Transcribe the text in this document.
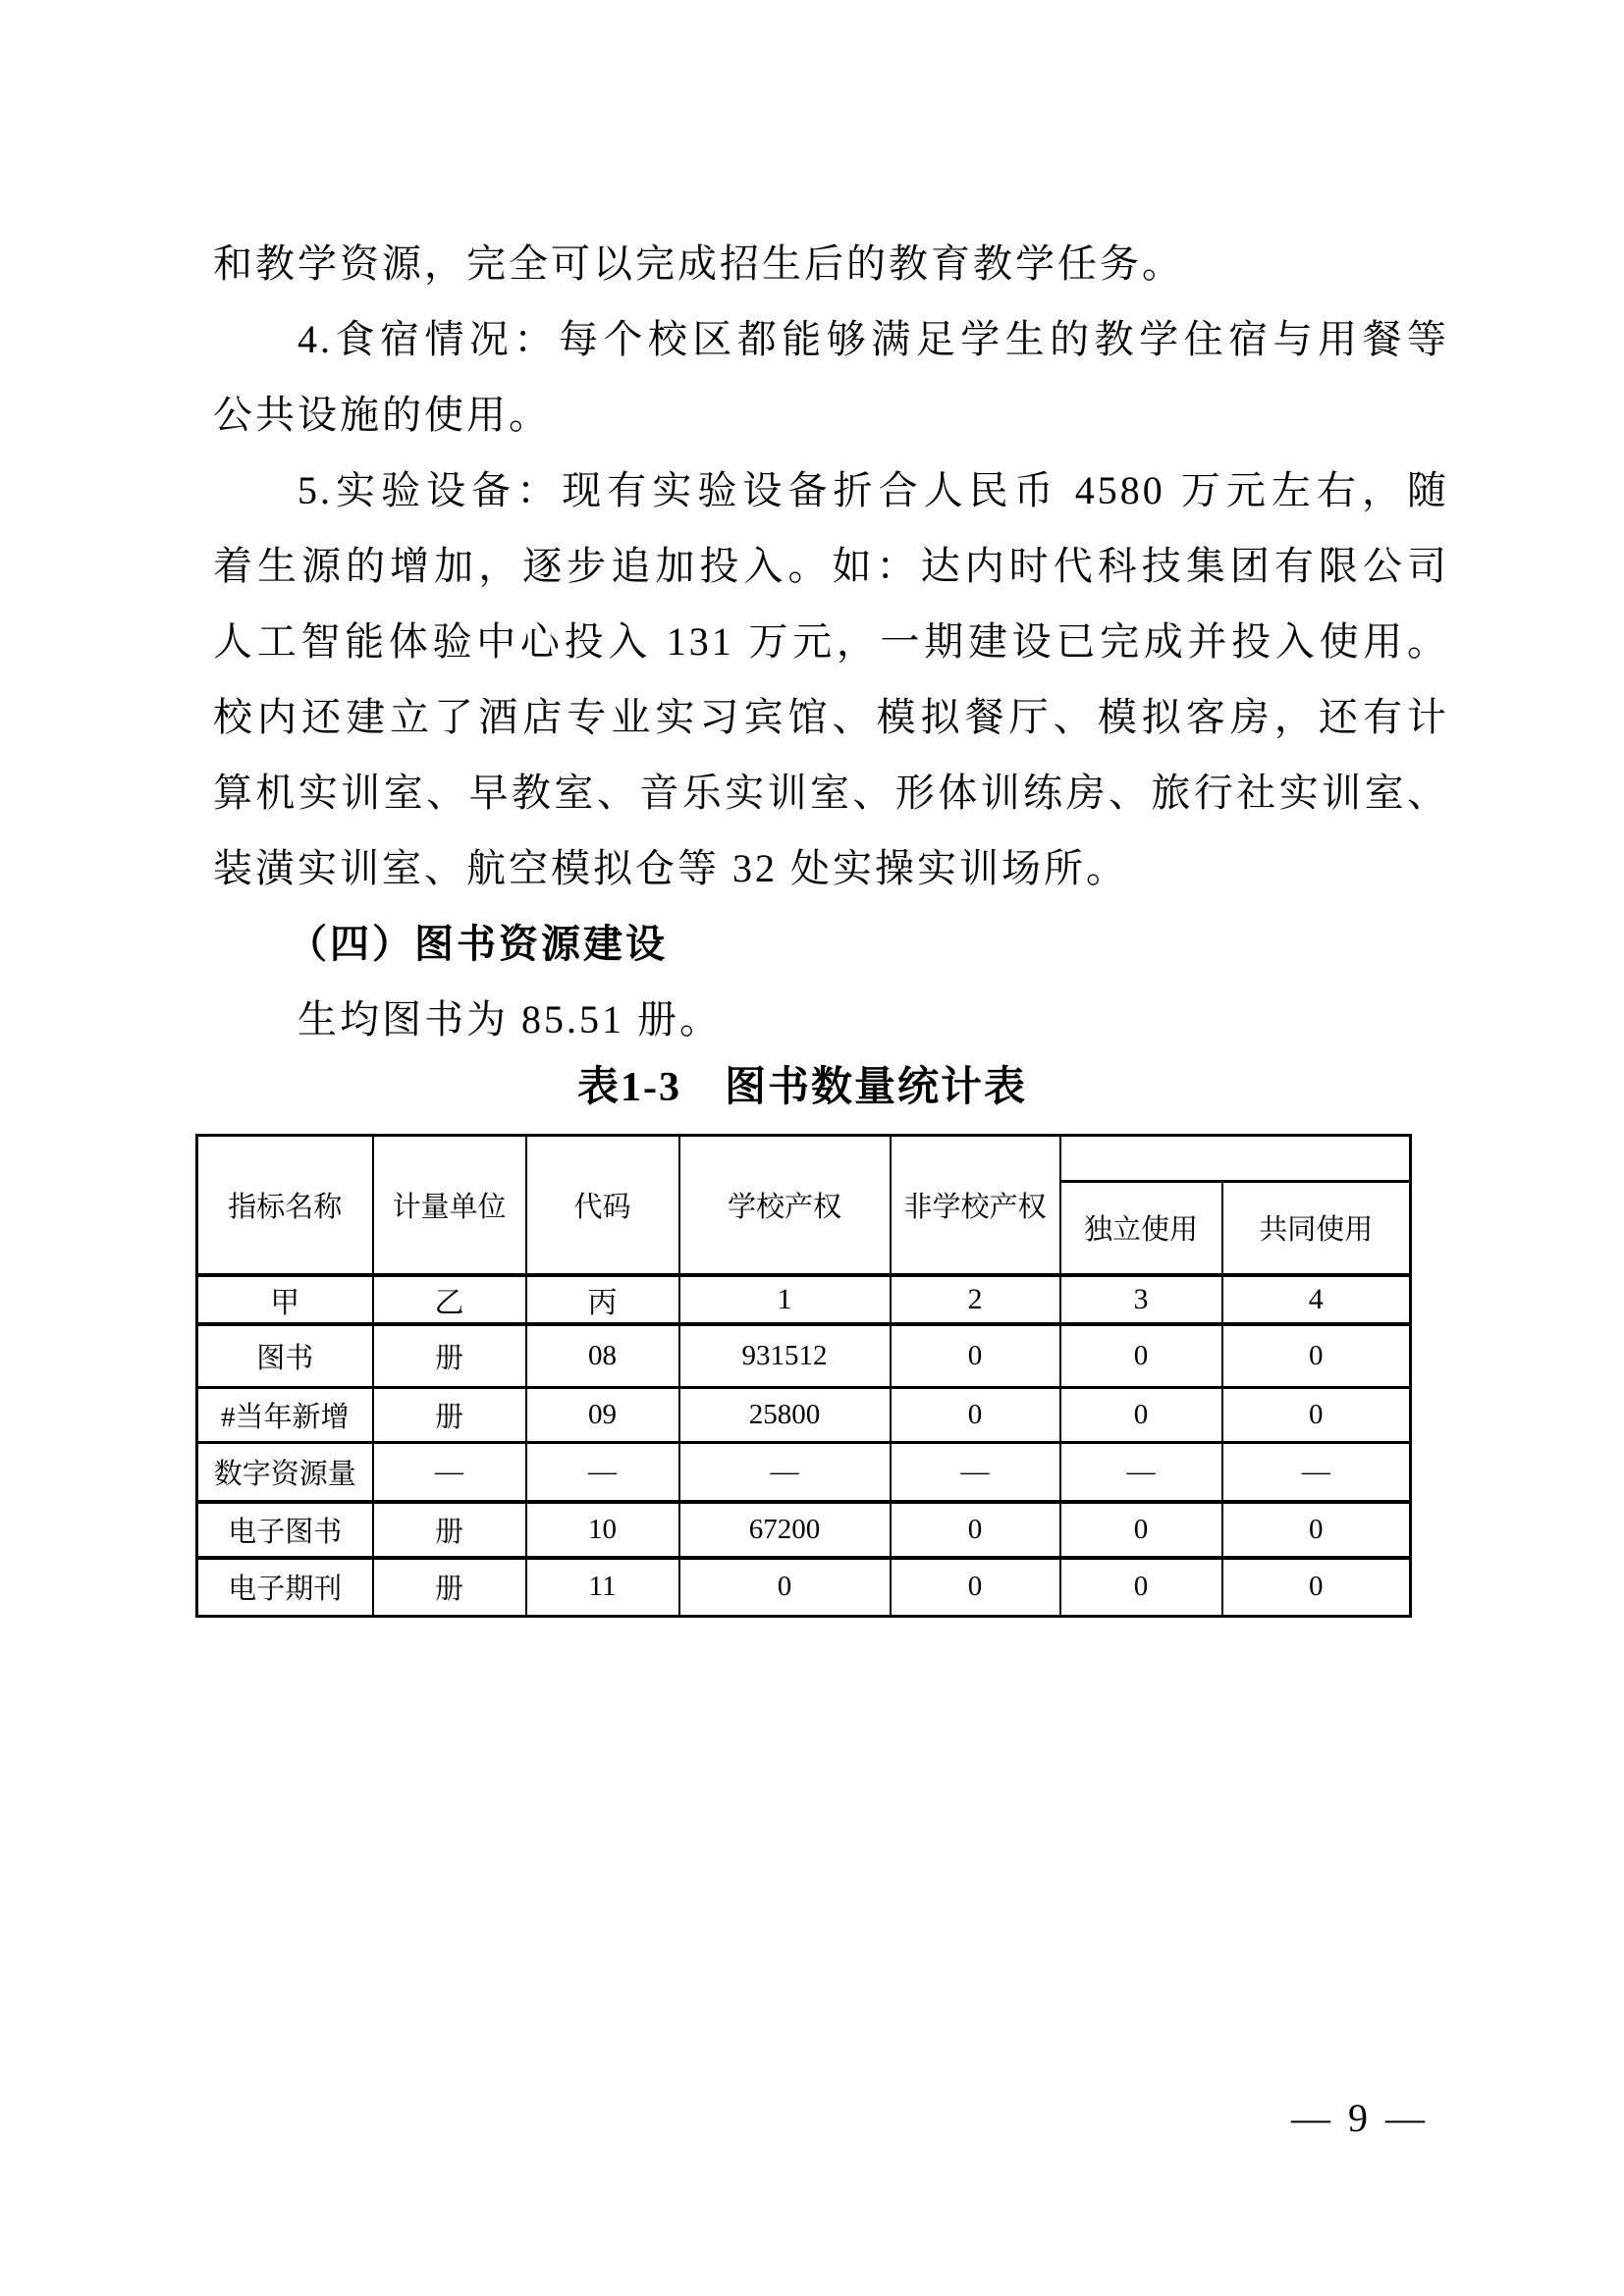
和教学资源，完全可以完成招生后的教育教学任务。
4.食宿情况：每个校区都能够满足学生的教学住宿与用餐等
公共设施的使用。
5.实验设备：现有实验设备折合人民币 4580 万元左右，随
着生源的增加，逐步追加投入。如：达内时代科技集团有限公司
人工智能体验中心投入 131 万元，一期建设已完成并投入使用。
校内还建立了酒店专业实习宾馆、模拟餐厅、模拟客房，还有计
算机实训室、早教室、音乐实训室、形体训练房、旅行社实训室、
装潢实训室、航空模拟仓等 32 处实操实训场所。
（四）图书资源建设
生均图书为 85.51 册。
表1-3　图书数量统计表
指标名称	计量单位	代码	学校产权	非学校产权		
					独立使用	共同使用
甲	乙	丙	1	2	3	4
图书	册	08	931512	0	0	0
#当年新增	册	09	25800	0	0	0
数字资源量	—	—	—	—	—	—
电子图书	册	10	67200	0	0	0
电子期刊	册	11	0	0	0	0
— 9 —
